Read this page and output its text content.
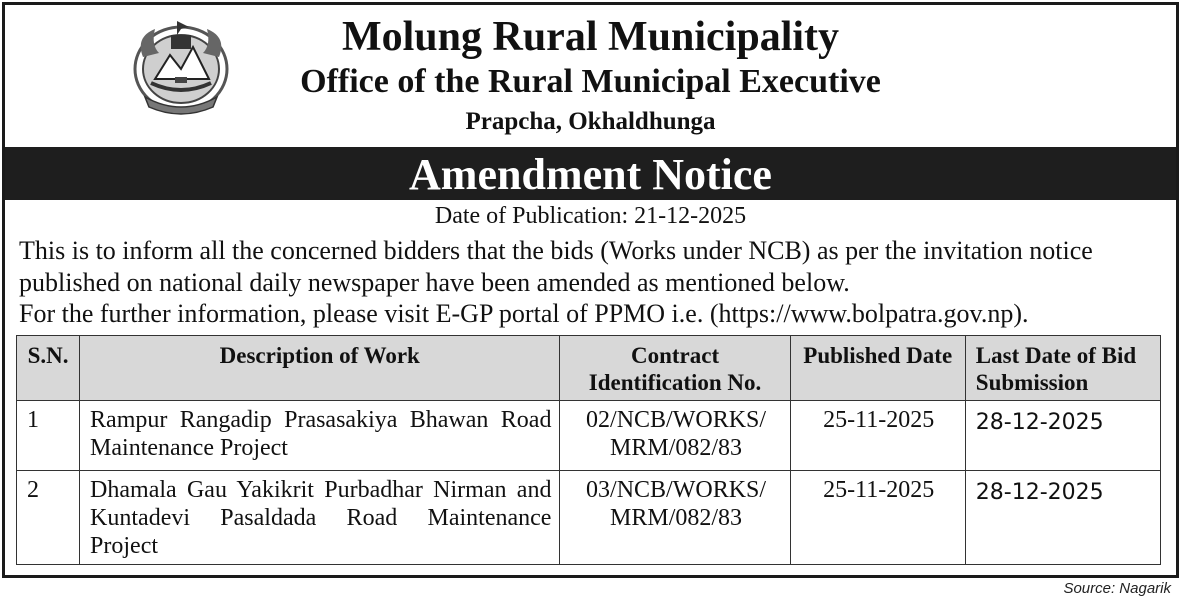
Molung Rural Municipality
Office of the Rural Municipal Executive
Prapcha, Okhaldhunga
Amendment Notice
Date of Publication: 21-12-2025

This is to inform all the concerned bidders that the bids (Works under NCB) as per the invitation notice published on national daily newspaper have been amended as mentioned below.

For the further information, please visit E-GP portal of PPMO i.e. (https://www.bolpatra.gov.np).

S.N.	Description of Work	Contract Identification No.	Published Date	Last Date of Bid Submission
1	Rampur Rangadip Prasasakiya Bhawan Road Maintenance Project	02/NCB/WORKS/ MRM/082/83	25-11-2025	28-12-2025
2	Dhamala Gau Yakikrit Purbadhar Nirman and Kuntadevi Pasaldada Road Maintenance Project	03/NCB/WORKS/ MRM/082/83	25-11-2025	28-12-2025
Source: Nagarik
